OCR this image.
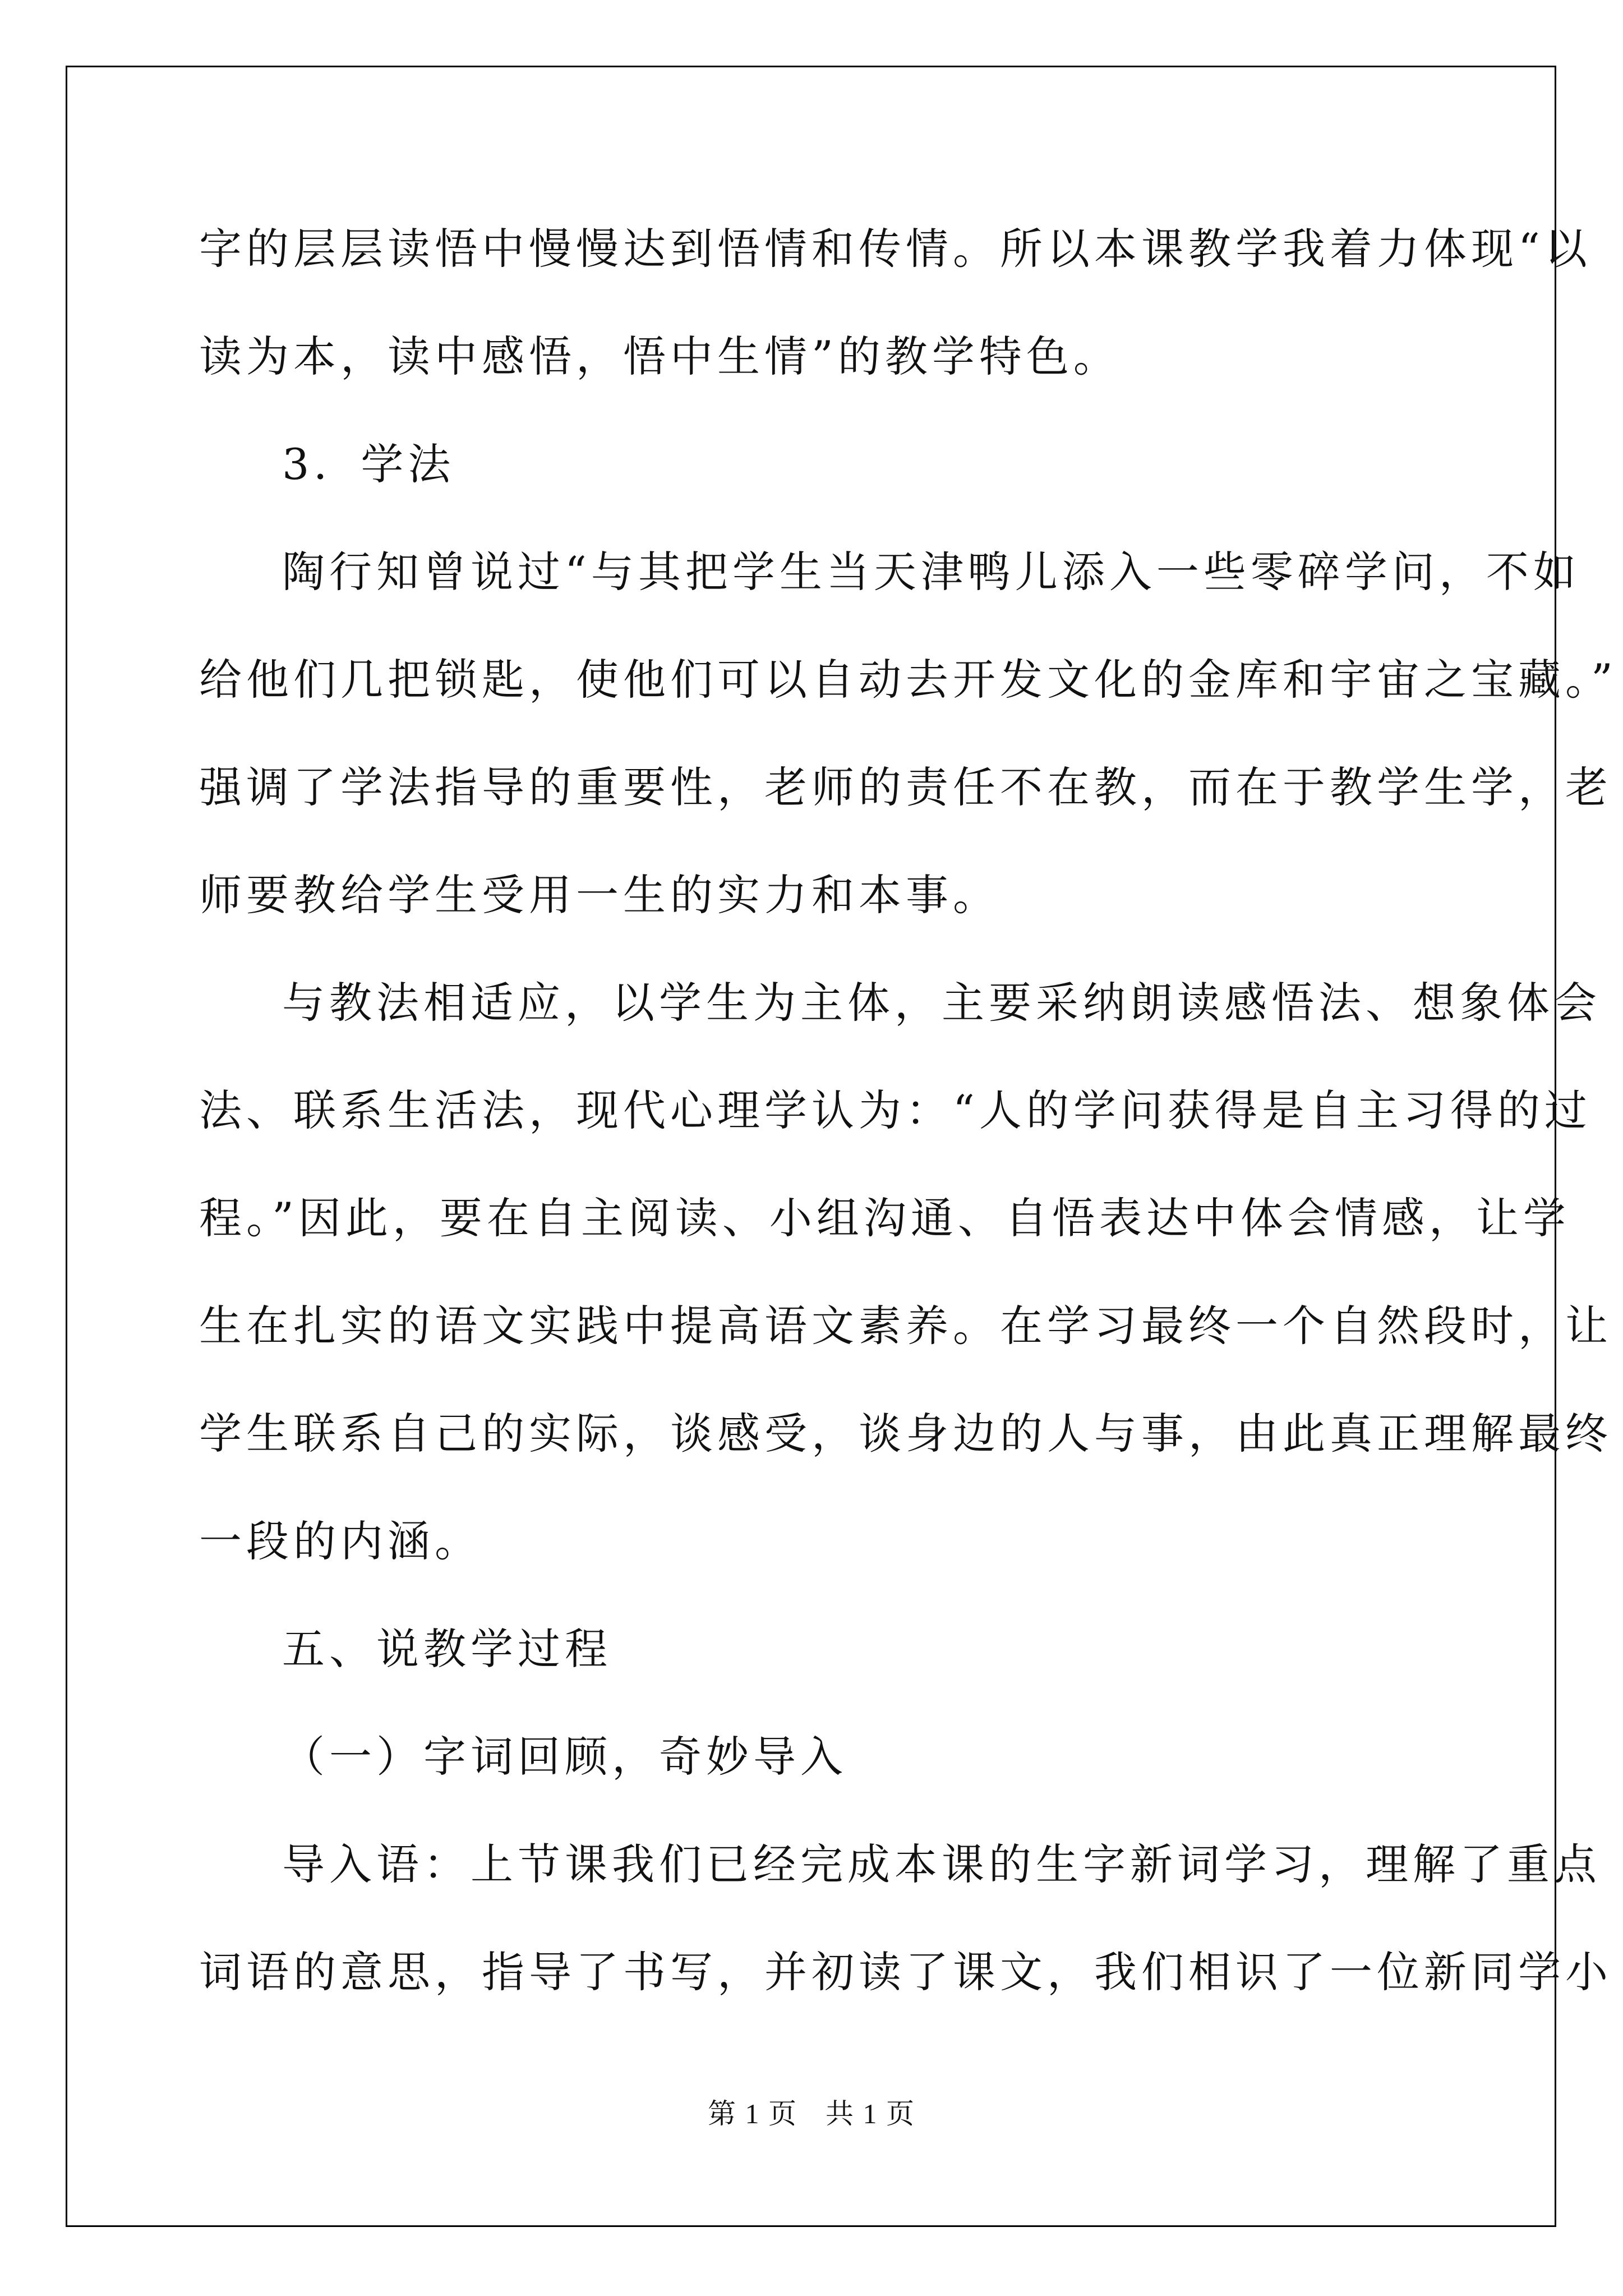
字的层层读悟中慢慢达到悟情和传情。所以本课教学我着力体现“以
读为本，读中感悟，悟中生情”的教学特色。
3．学法
陶行知曾说过“与其把学生当天津鸭儿添入一些零碎学问，不如
给他们几把锁匙，使他们可以自动去开发文化的金库和宇宙之宝藏。”
强调了学法指导的重要性，老师的责任不在教，而在于教学生学，老
师要教给学生受用一生的实力和本事。
与教法相适应，以学生为主体，主要采纳朗读感悟法、想象体会
法、联系生活法，现代心理学认为：“人的学问获得是自主习得的过
程。”因此，要在自主阅读、小组沟通、自悟表达中体会情感，让学
生在扎实的语文实践中提高语文素养。在学习最终一个自然段时，让
学生联系自己的实际，谈感受，谈身边的人与事，由此真正理解最终
一段的内涵。
五、说教学过程
（一）字词回顾，奇妙导入
导入语：上节课我们已经完成本课的生字新词学习，理解了重点
词语的意思，指导了书写，并初读了课文，我们相识了一位新同学小
第 1 页 共 1 页
